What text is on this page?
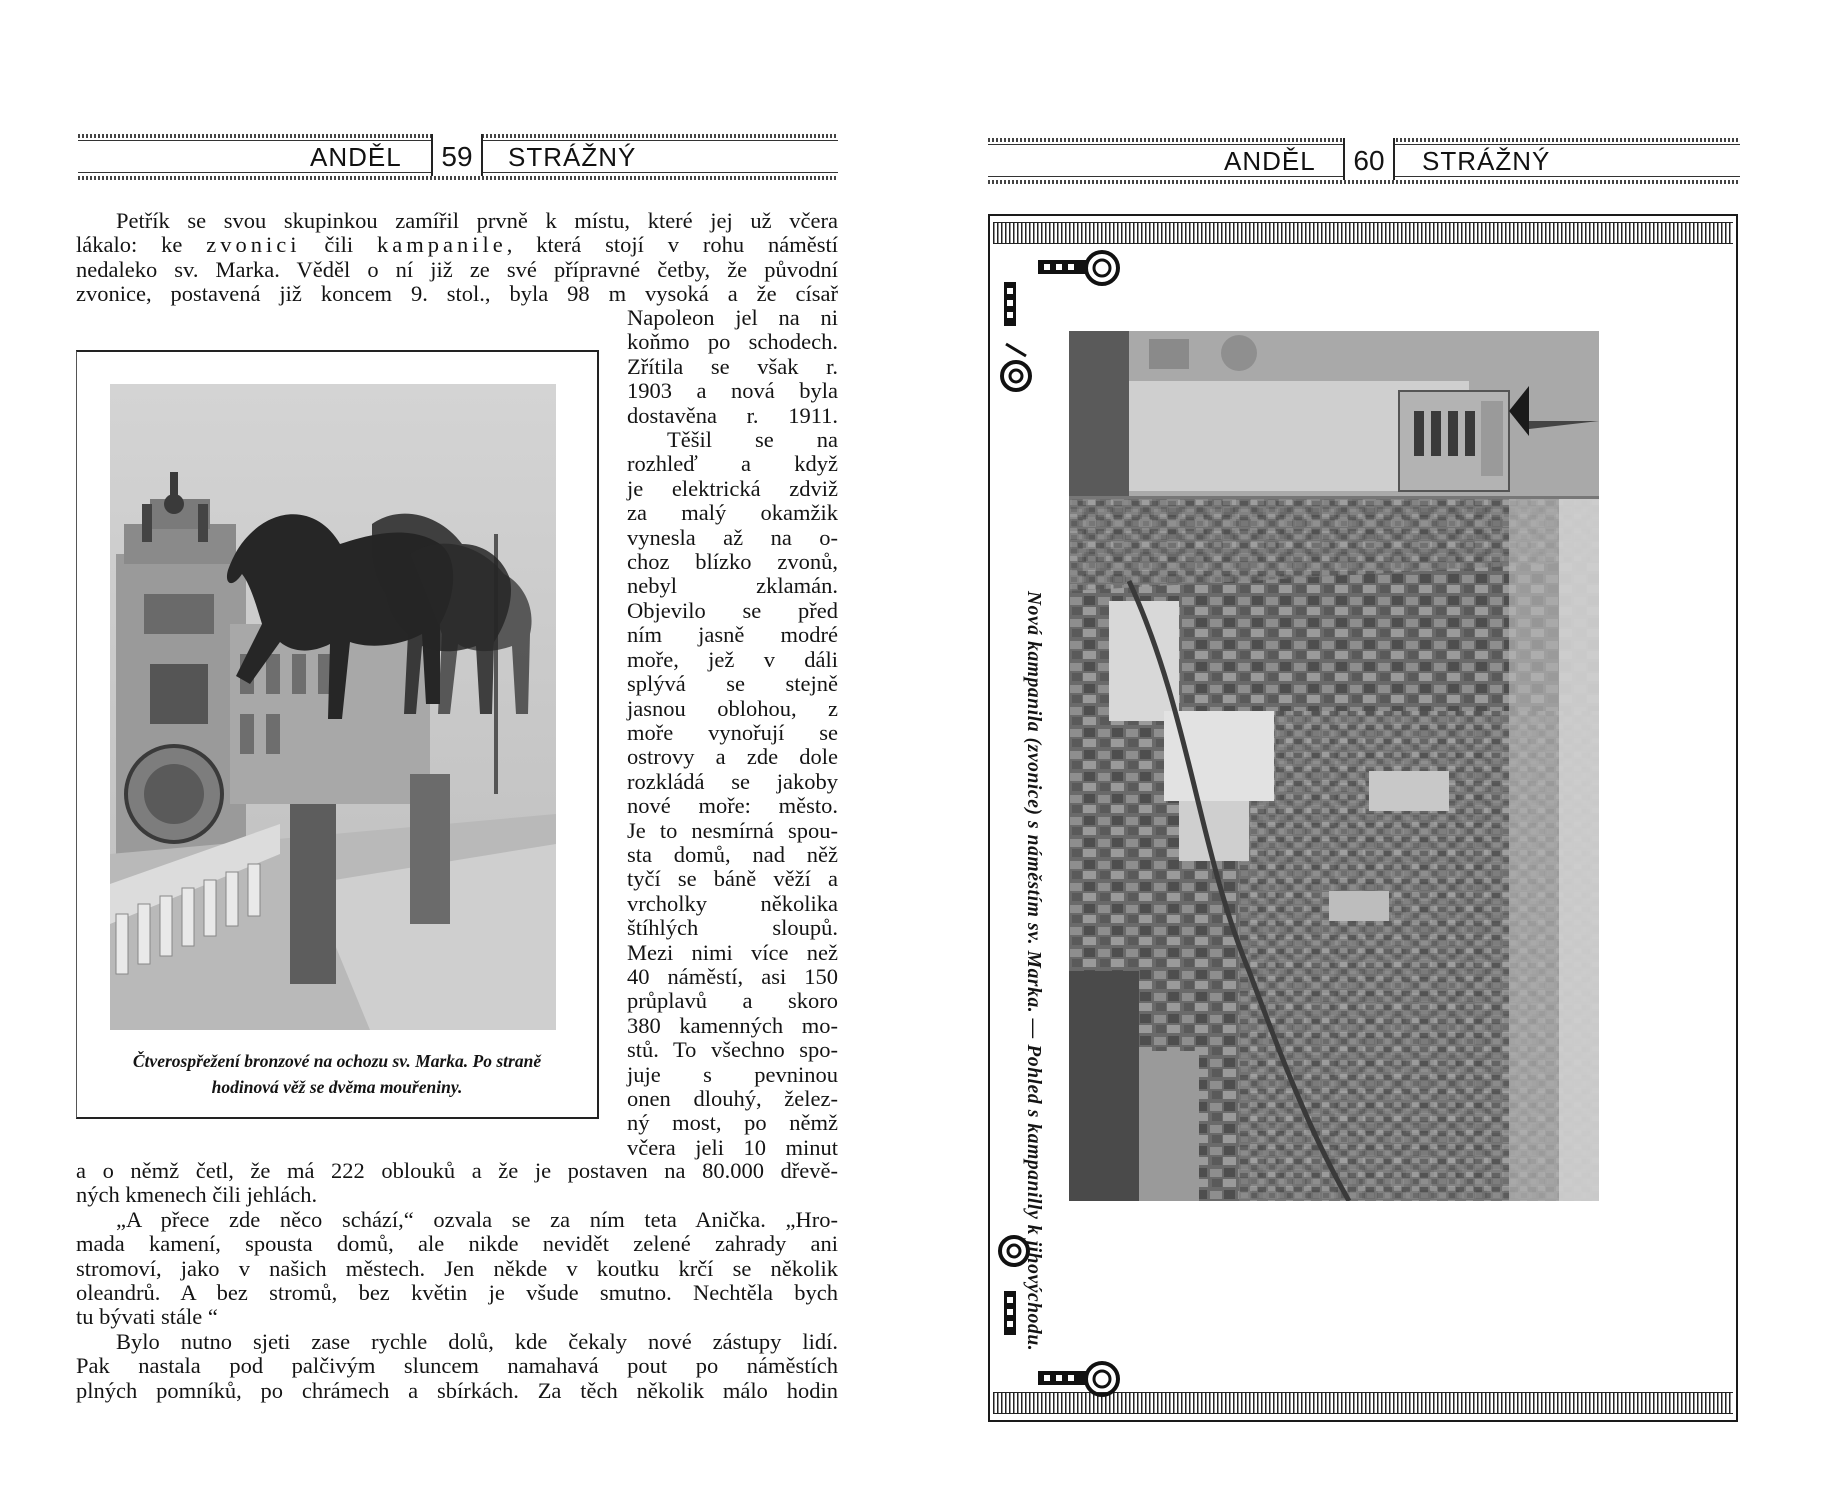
ANDĚL	59	STRÁŽNÝ
Petřík se svou skupinkou zamířil prvně k místu, které jej už včera
lákalo: ke zvonici čili kampanile, která stojí v rohu náměstí
nedaleko sv. Marka. Věděl o ní již ze své přípravné četby, že původní
zvonice, postavená již koncem 9. stol., byla 98 m vysoká a že císař
Napoleon jel na ni
koňmo po schodech.
Zřítila se však r.
1903 a nová byla
dostavěna r. 1911.
Těšil se na
rozhleď a když
je elektrická zdviž
za malý okamžik
vynesla až na o-
choz blízko zvonů,
nebyl zklamán.
Objevilo se před
ním jasně modré
moře, jež v dáli
splývá se stejně
jasnou oblohou, z
moře vynořují se
ostrovy a zde dole
rozkládá se jakoby
nové moře: město.
Je to nesmírná spou-
sta domů, nad něž
tyčí se báně věží a
vrcholky několika
štíhlých sloupů.
Mezi nimi více než
40 náměstí, asi 150
průplavů a skoro
380 kamenných mo-
stů. To všechno spo-
juje s pevninou
onen dlouhý, želez-
ný most, po němž
včera jeli 10 minut
a o němž četl, že má 222 oblouků a že je postaven na 80.000 dřevě-
ných kmenech čili jehlách.
„A přece zde něco schází,“ ozvala se za ním teta Anička. „Hro-
mada kamení, spousta domů, ale nikde nevidět zelené zahrady ani
stromoví, jako v našich městech. Jen někde v koutku krčí se několik
oleandrů. A bez stromů, bez květin je všude smutno. Nechtěla bych
tu bývati stále “
Bylo nutno sjeti zase rychle dolů, kde čekaly nové zástupy lidí.
Pak nastala pod palčivým sluncem namahavá pout po náměstích
plných pomníků, po chrámech a sbírkách. Za těch několik málo hodin
Čtverospřežení bronzové na ochozu sv. Marka. Po straně
hodinová věž se dvěma mouřeniny.
ANDĚL	60	STRÁŽNÝ
Nová kampanila (zvonice) s náměstím sv. Marka. — Pohled s kampanilly k jihovýchodu.
